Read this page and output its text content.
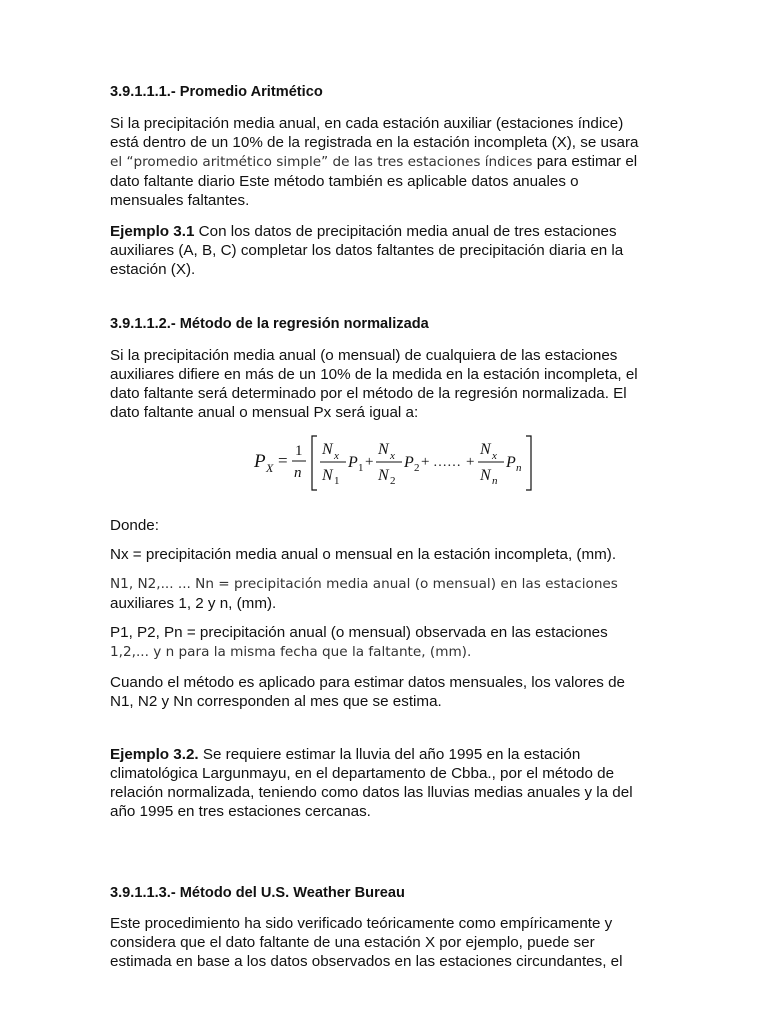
3.9.1.1.1.- Promedio Aritmético

Si la precipitación media anual, en cada estación auxiliar (estaciones índice) está dentro de un 10% de la registrada en la estación incompleta (X), se usara el “promedio aritmético simple” de las tres estaciones índices para estimar el dato faltante diario Este método también es aplicable datos anuales o mensuales faltantes.

Ejemplo 3.1 Con los datos de precipitación media anual de tres estaciones auxiliares (A, B, C) completar los datos faltantes de precipitación diaria en la estación (X).

3.9.1.1.2.- Método de la regresión normalizada

Si la precipitación media anual (o mensual) de cualquiera de las estaciones auxiliares difiere en más de un 10% de la medida en la estación incompleta, el dato faltante será determinado por el método de la regresión normalizada. El dato faltante anual o mensual Px será igual a:

P X = 1
n
N x
N 1
P 1 +
N x
N 2
P 2 + …… +
N x
N n
P n

Donde:

Nx = precipitación media anual o mensual en la estación incompleta, (mm).

N1, N2,... ... Nn = precipitación media anual (o mensual) en las estaciones
auxiliares 1, 2 y n, (mm).

P1, P2, Pn = precipitación anual (o mensual) observada en las estaciones
1,2,... y n para la misma fecha que la faltante, (mm).

Cuando el método es aplicado para estimar datos mensuales, los valores de N1, N2 y Nn corresponden al mes que se estima.

Ejemplo 3.2. Se requiere estimar la lluvia del año 1995 en la estación climatológica Largunmayu, en el departamento de Cbba., por el método de relación normalizada, teniendo como datos las lluvias medias anuales y la del año 1995 en tres estaciones cercanas.

3.9.1.1.3.- Método del U.S. Weather Bureau

Este procedimiento ha sido verificado teóricamente como empíricamente y considera que el dato faltante de una estación X por ejemplo, puede ser estimada en base a los datos observados en las estaciones circundantes, el
